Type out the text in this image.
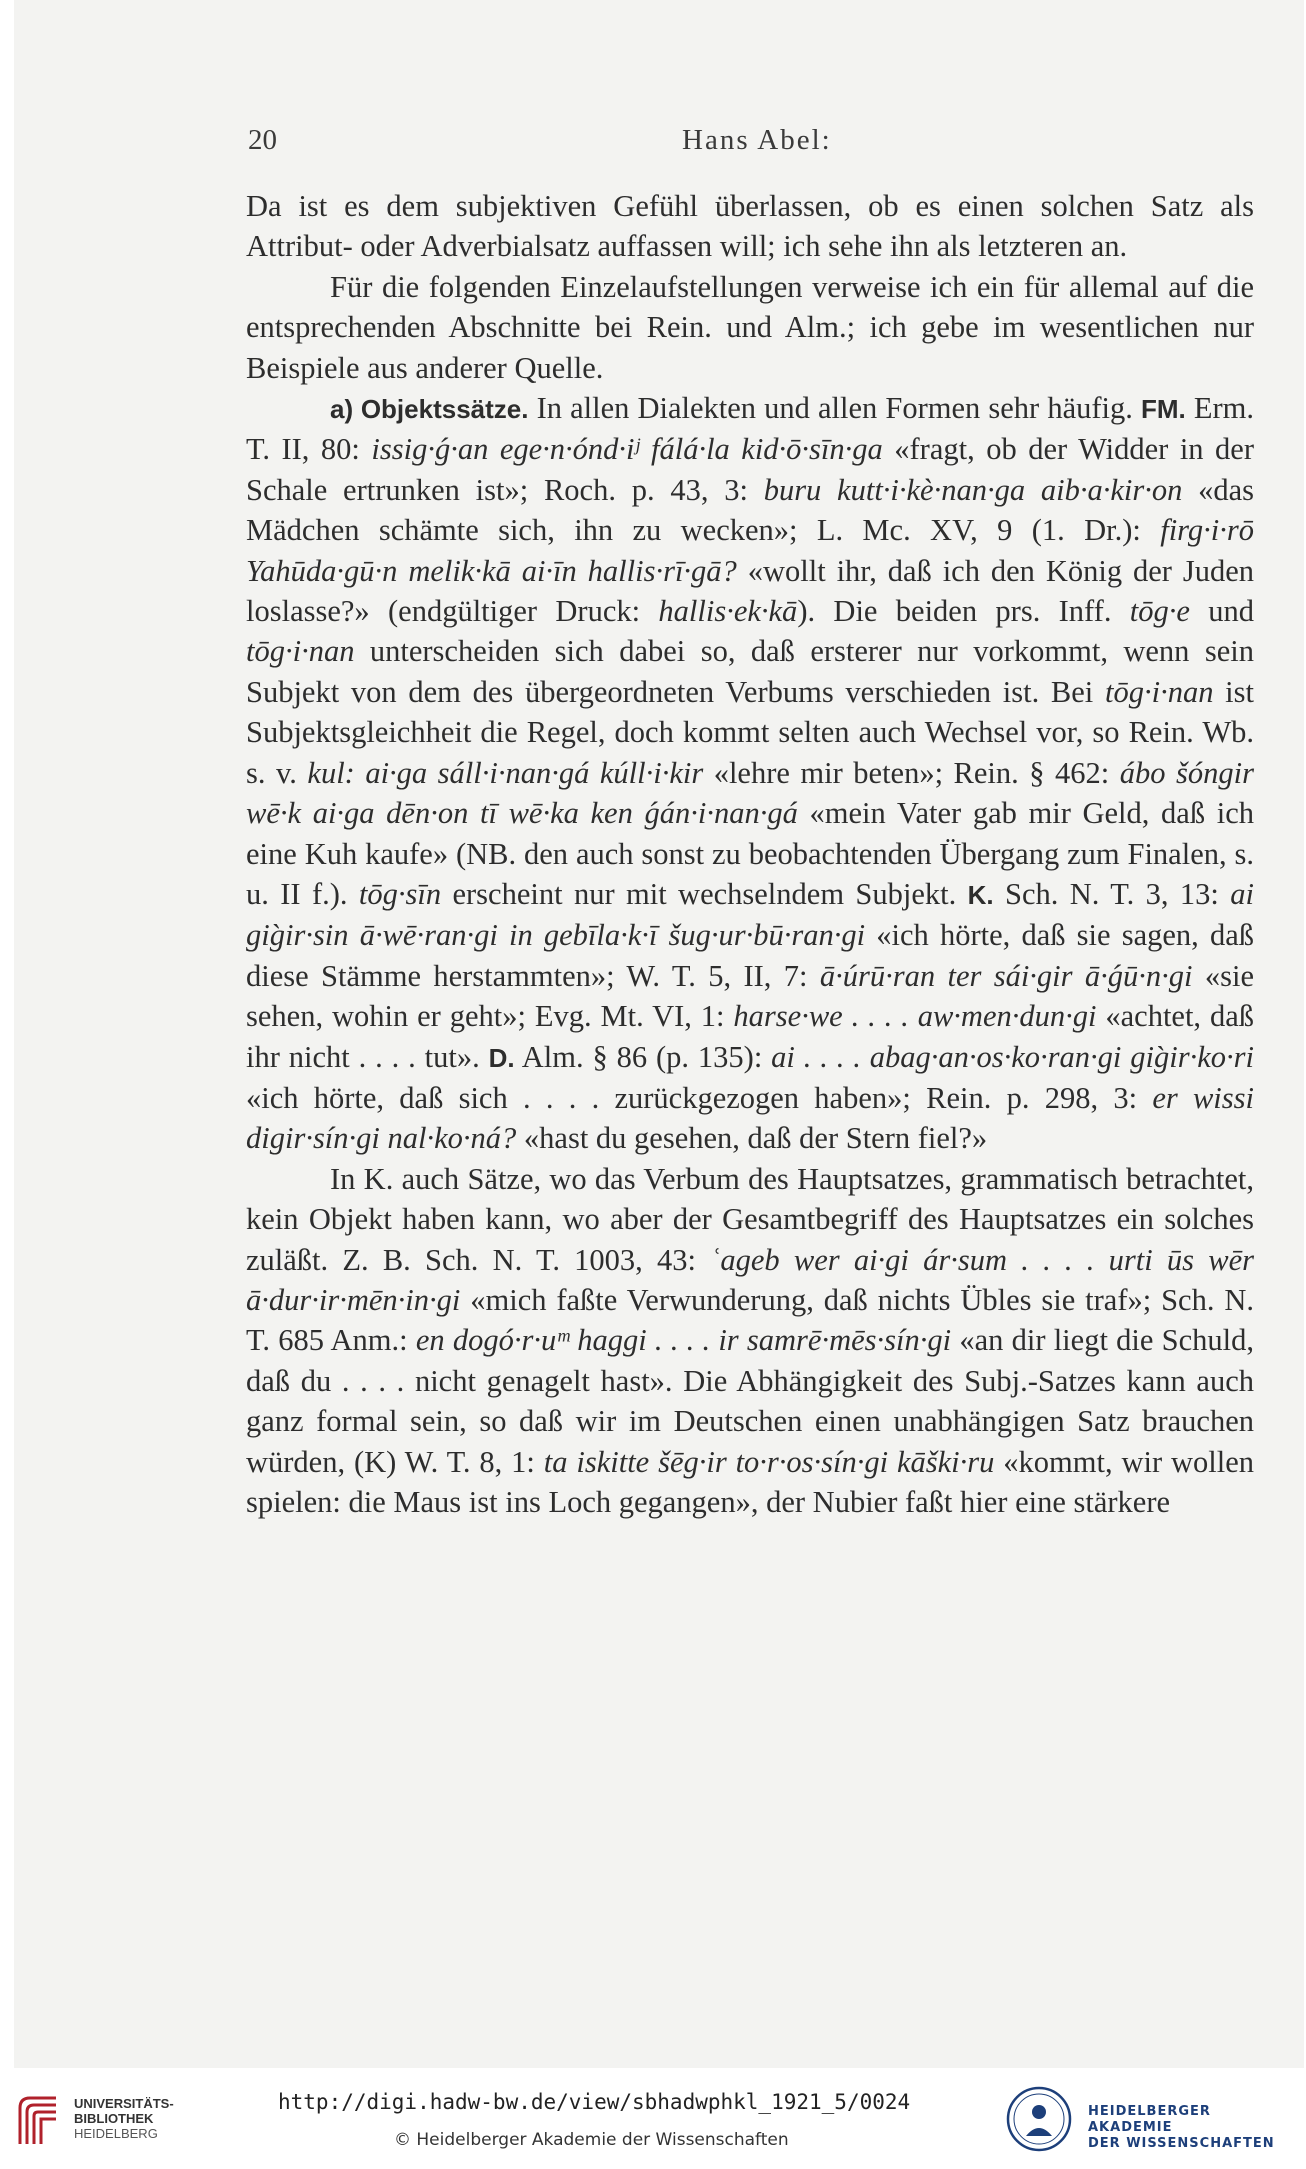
20	Hans Abel:

Da ist es dem subjektiven Gefühl überlassen, ob es einen solchen Satz als Attribut- oder Adverbialsatz auffassen will; ich sehe ihn als letzteren an.

Für die folgenden Einzelaufstellungen verweise ich ein für allemal auf die entsprechenden Abschnitte bei Rein. und Alm.; ich gebe im wesentlichen nur Beispiele aus anderer Quelle.

a) Objektssätze. In allen Dialekten und allen Formen sehr häufig. FM. Erm. T. II, 80: issig·ǵ·an ege·n·ónd·iʲ fálá·la kid·ō·sīn·ga «fragt, ob der Widder in der Schale ertrunken ist»; Roch. p. 43, 3: buru kutt·i·kè·nan·ga aib·a·kir·on «das Mädchen schämte sich, ihn zu wecken»; L. Mc. XV, 9 (1. Dr.): firg·i·rō Yahūda·gū·n melik·kā ai·īn hallis·rī·gā? «wollt ihr, daß ich den König der Juden loslasse?» (endgültiger Druck: hallis·ek·kā). Die beiden prs. Inff. tōg·e und tōg·i·nan unterscheiden sich dabei so, daß ersterer nur vorkommt, wenn sein Subjekt von dem des übergeordneten Verbums verschieden ist. Bei tōg·i·nan ist Subjektsgleichheit die Regel, doch kommt selten auch Wechsel vor, so Rein. Wb. s. v. kul: ai·ga sáll·i·nan·gá kúll·i·kir «lehre mir beten»; Rein. § 462: ábo šóngir wē·k ai·ga dēn·on tī wē·ka ken ǵán·i·nan·gá «mein Vater gab mir Geld, daß ich eine Kuh kaufe» (NB. den auch sonst zu beobachtenden Übergang zum Finalen, s. u. II f.). tōg·sīn erscheint nur mit wechselndem Subjekt. K. Sch. N. T. 3, 13: ai gig̀ir·sin ā·wē·ran·gi in gebīla·k·ī šug·ur·bū·ran·gi «ich hörte, daß sie sagen, daß diese Stämme herstammten»; W. T. 5, II, 7: ā·úrū·ran ter sái·gir ā·ǵū·n·gi «sie sehen, wohin er geht»; Evg. Mt. VI, 1: harse·we . . . . aw·men·dun·gi «achtet, daß ihr nicht . . . . tut». D. Alm. § 86 (p. 135): ai . . . . abag·an·os·ko·ran·gi gig̀ir·ko·ri «ich hörte, daß sich . . . . zurückgezogen haben»; Rein. p. 298, 3: er wissi digir·sín·gi nal·ko·ná? «hast du gesehen, daß der Stern fiel?»

In K. auch Sätze, wo das Verbum des Hauptsatzes, grammatisch betrachtet, kein Objekt haben kann, wo aber der Gesamtbegriff des Hauptsatzes ein solches zuläßt. Z. B. Sch. N. T. 1003, 43: ʿageb wer ai·gi ár·sum . . . . urti ūs wēr ā·dur·ir·mēn·in·gi «mich faßte Verwunderung, daß nichts Übles sie traf»; Sch. N. T. 685 Anm.: en dogó·r·uᵐ haggi . . . . ir samrē·mēs·sín·gi «an dir liegt die Schuld, daß du . . . . nicht genagelt hast». Die Abhängigkeit des Subj.-Satzes kann auch ganz formal sein, so daß wir im Deutschen einen unabhängigen Satz brauchen würden, (K) W. T. 8, 1: ta iskitte šēg·ir to·r·os·sín·gi kāški·ru «kommt, wir wollen spielen: die Maus ist ins Loch gegangen», der Nubier faßt hier eine stärkere

UNIVERSITÄTS-
BIBLIOTHEK
HEIDELBERG
http://digi.hadw-bw.de/view/sbhadwphkl_1921_5/0024
© Heidelberger Akademie der Wissenschaften
HEIDELBERGER AKADEMIE
DER WISSENSCHAFTEN
